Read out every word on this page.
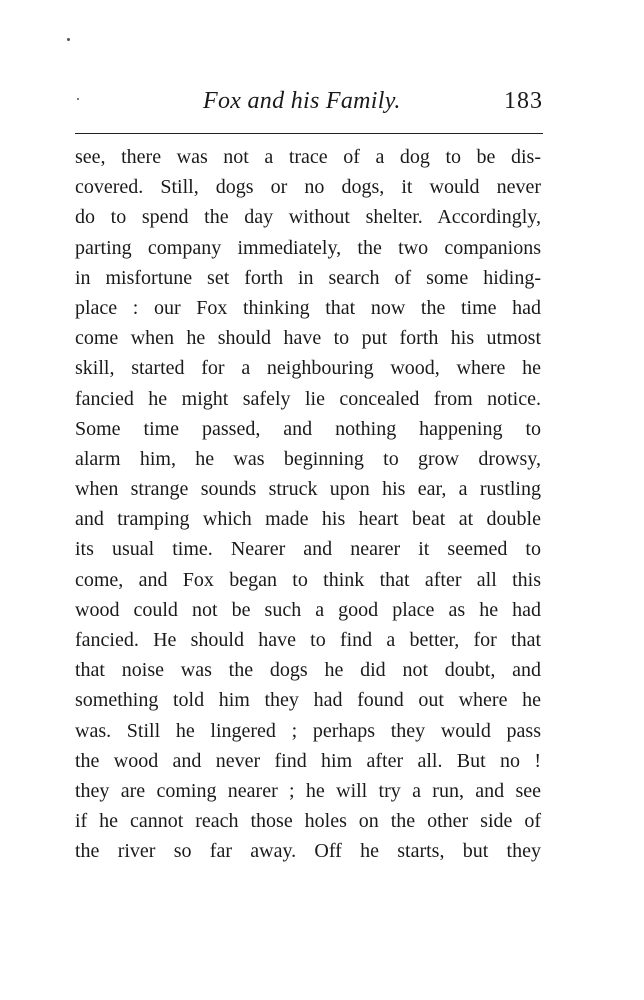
Fox and his Family.	183
see, there was not a trace of a dog to be dis-
covered. Still, dogs or no dogs, it would never
do to spend the day without shelter. Accordingly,
parting company immediately, the two companions
in misfortune set forth in search of some hiding-
place : our Fox thinking that now the time had
come when he should have to put forth his utmost
skill, started for a neighbouring wood, where he
fancied he might safely lie concealed from notice.
Some time passed, and nothing happening to
alarm him, he was beginning to grow drowsy,
when strange sounds struck upon his ear, a rustling
and tramping which made his heart beat at double
its usual time. Nearer and nearer it seemed to
come, and Fox began to think that after all this
wood could not be such a good place as he had
fancied. He should have to find a better, for that
that noise was the dogs he did not doubt, and
something told him they had found out where he
was. Still he lingered ; perhaps they would pass
the wood and never find him after all. But no !
they are coming nearer ; he will try a run, and see
if he cannot reach those holes on the other side of
the river so far away. Off he starts, but they
